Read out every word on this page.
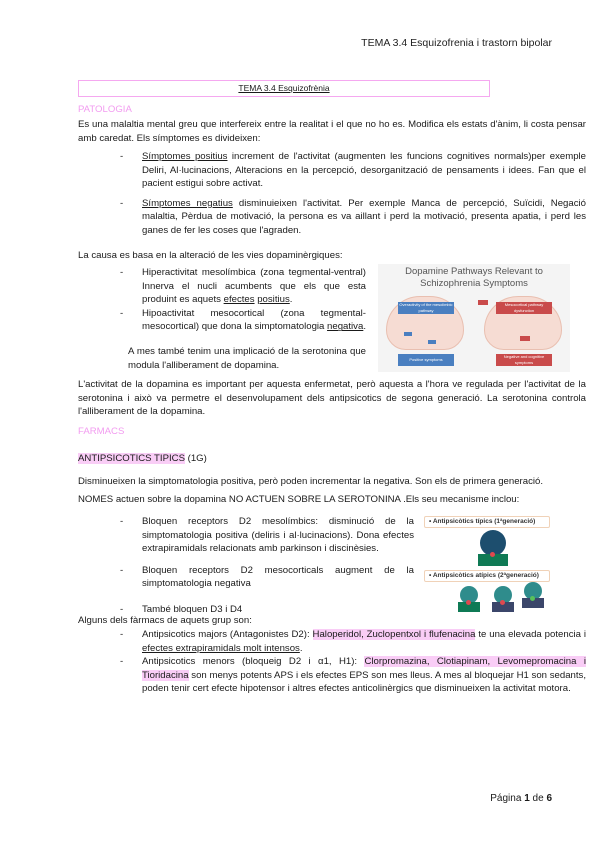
TEMA 3.4 Esquizofrenia i trastorn bipolar
TEMA 3.4 Esquizofrènia
PATOLOGIA
Es una malaltia mental greu que interfereix entre la realitat i el que no ho es. Modifica els estats d'ànim, li costa pensar amb caredat. Els símptomes es divideixen:
- Símptomes positius increment de l'activitat (augmenten les funcions cognitives normals)per exemple Deliri, Al·lucinacions, Alteracions en la percepció, desorganització de pensaments i idees. Fan que el pacient estigui sobre activat.
- Símptomes negatius disminuieixen l'activitat. Per exemple Manca de percepció, Suïcidi, Negació malaltia, Pèrdua de motivació, la persona es va aillant i perd la motivació, presenta apatia, i perd les ganes de fer les coses que l'agraden.
La causa es basa en la alteració de les vies dopaminèrgiques:
- Hiperactivitat mesolímbica (zona tegmental-ventral) Innerva el nucli acumbents que els que esta produint es aquets efectes positius.
- Hipoactivitat mesocortical (zona tegmental-mesocortical) que dona la simptomatologia negativa.
A mes també tenim una implicació de la serotonina que modula l'alliberament de dopamina.
Dopamine Pathways Relevant to Schizophrenia Symptoms
Overactivity of the mesolimbic pathway
Positive symptoms
Mesocortical pathway dysfunction
Negative and cognitive symptoms
L'activitat de la dopamina es important per aquesta enfermetat, però aquesta a l'hora ve regulada per l'activitat de la serotonina i això va permetre el desenvolupament dels antipsicotics de segona generació. La serotonina controla l'alliberament de la dopamina.
FARMACS
ANTIPSICOTICS TIPICS (1G)
Disminueixen la simptomatologia positiva, però poden incrementar la negativa. Son els de primera generació.
NOMES actuen sobre la dopamina NO ACTUEN SOBRE LA SEROTONINA .Els seu mecanisme inclou:
- Bloquen receptors D2 mesolímbics: disminució de la simptomatologia positiva (deliris i al·lucinacions). Dona efectes extrapiramidals relacionats amb parkinson i discinèsies.
- Bloquen receptors D2 mesocorticals augment de la simptomatologia negativa
- També bloquen D3 i D4
• Antipsicòtics típics (1ªgeneració)
• Antipsicòtics atípics (2ªgeneració)
Alguns dels fàrmacs de aquets grup son:
- Antipsicotics majors (Antagonistes D2): Haloperidol, Zuclopentxol i flufenacina te una elevada potencia i efectes extrapiramidals molt intensos.
- Antipsicotics menors (bloqueig D2 i α1, H1): Clorpromazina, Clotiapinam, Levomepromacina i Tioridacina son menys potents APS i els efectes EPS son mes lleus. A mes al bloquejar H1 son sedants, poden tenir cert efecte hipotensor i altres efectes anticolinèrgics que disminueixen la activitat motora.
Página 1 de 6
